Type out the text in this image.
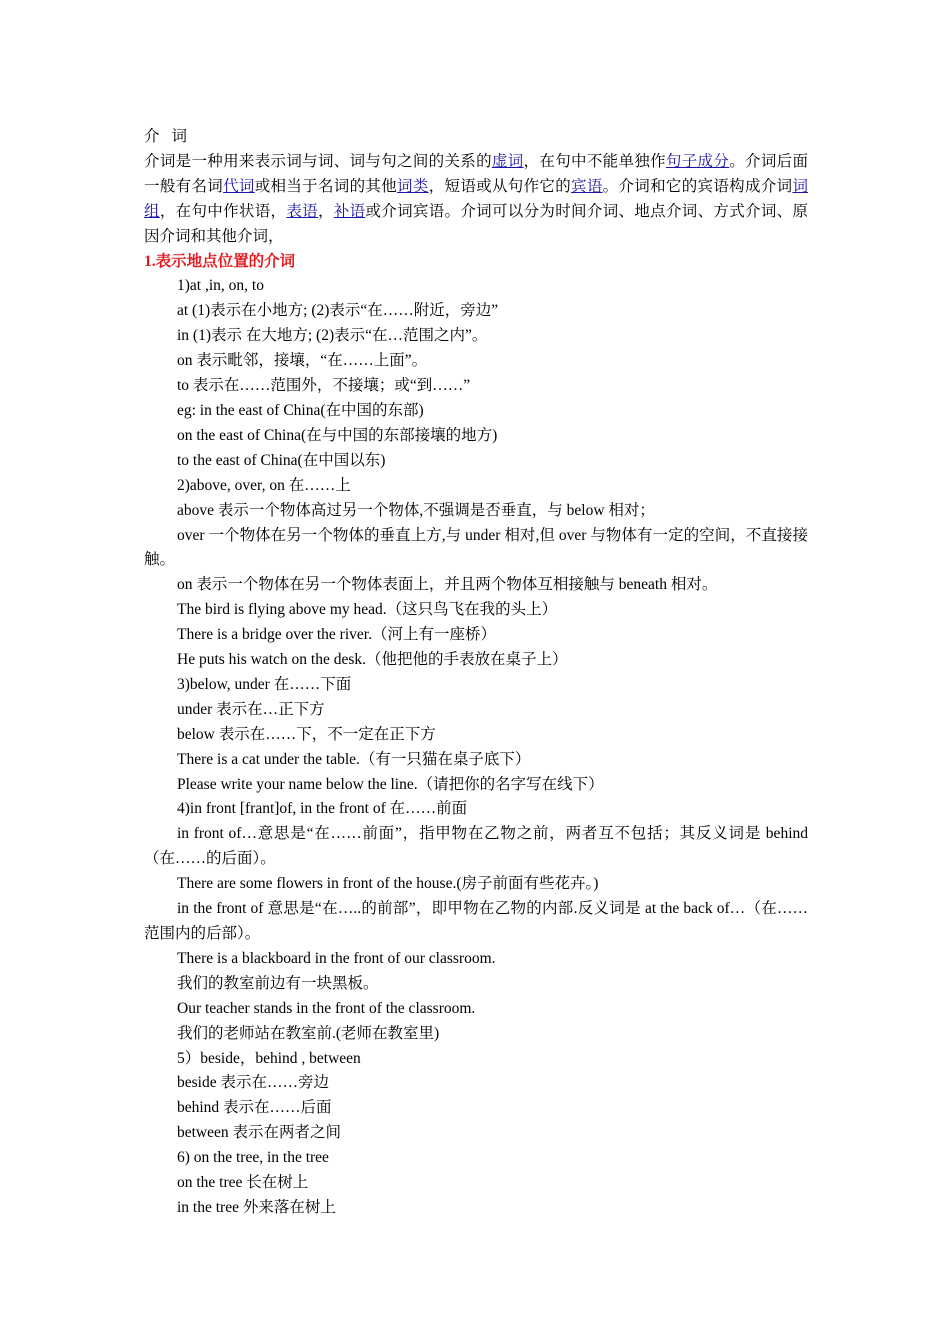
介词
介词是一种用来表示词与词、词与句之间的关系的虚词，在句中不能单独作句子成分。介词后面一般有名词代词或相当于名词的其他词类，短语或从句作它的宾语。介词和它的宾语构成介词词组，在句中作状语，表语，补语或介词宾语。介词可以分为时间介词、地点介词、方式介词、原因介词和其他介词，
1.表示地点位置的介词
1)at ,in, on, to
at (1)表示在小地方; (2)表示“在……附近，旁边”
in (1)表示 在大地方; (2)表示“在…范围之内”。
on 表示毗邻，接壤，“在……上面”。
to 表示在……范围外，不接壤；或“到……”
eg: in the east of China(在中国的东部)
on the east of China(在与中国的东部接壤的地方)
to the east of China(在中国以东)
2)above, over, on 在……上
above 表示一个物体高过另一个物体,不强调是否垂直，与 below 相对；
over 一个物体在另一个物体的垂直上方,与 under 相对,但 over 与物体有一定的空间，不直接接触。
on 表示一个物体在另一个物体表面上，并且两个物体互相接触与 beneath 相对。
The bird is flying above my head.（这只鸟飞在我的头上）
There is a bridge over the river.（河上有一座桥）
He puts his watch on the desk.（他把他的手表放在桌子上）
3)below, under 在……下面
under 表示在…正下方
below 表示在……下，不一定在正下方
There is a cat under the table.（有一只猫在桌子底下）
Please write your name below the line.（请把你的名字写在线下）
4)in front [frant]of, in the front of 在……前面
in front of…意思是“在……前面”，指甲物在乙物之前，两者互不包括；其反义词是 behind（在……的后面）。
There are some flowers in front of the house.(房子前面有些花卉。)
in the front of 意思是“在…..的前部”，即甲物在乙物的内部.反义词是 at the back of…（在……范围内的后部）。
There is a blackboard in the front of our classroom.
我们的教室前边有一块黑板。
Our teacher stands in the front of the classroom.
我们的老师站在教室前.(老师在教室里)
5）beside，behind , between
beside 表示在……旁边
behind 表示在……后面
between 表示在两者之间
6) on the tree, in the tree
on the tree 长在树上
in the tree 外来落在树上
